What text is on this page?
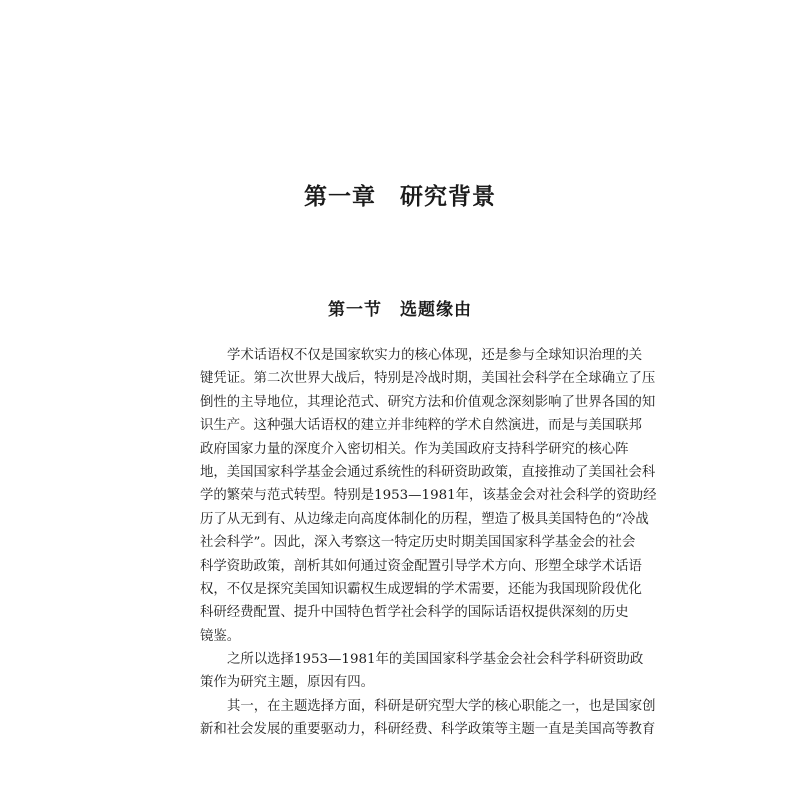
第一章　研究背景
第一节　选题缘由
学术话语权不仅是国家软实力的核心体现，还是参与全球知识治理的关
键凭证。第二次世界大战后，特别是冷战时期，美国社会科学在全球确立了压
倒性的主导地位，其理论范式、研究方法和价值观念深刻影响了世界各国的知
识生产。这种强大话语权的建立并非纯粹的学术自然演进，而是与美国联邦
政府国家力量的深度介入密切相关。作为美国政府支持科学研究的核心阵
地，美国国家科学基金会通过系统性的科研资助政策，直接推动了美国社会科
学的繁荣与范式转型。特别是1953—1981年，该基金会对社会科学的资助经
历了从无到有、从边缘走向高度体制化的历程，塑造了极具美国特色的“冷战
社会科学”。因此，深入考察这一特定历史时期美国国家科学基金会的社会
科学资助政策，剖析其如何通过资金配置引导学术方向、形塑全球学术话语
权，不仅是探究美国知识霸权生成逻辑的学术需要，还能为我国现阶段优化
科研经费配置、提升中国特色哲学社会科学的国际话语权提供深刻的历史
镜鉴。
之所以选择1953—1981年的美国国家科学基金会社会科学科研资助政
策作为研究主题，原因有四。
其一，在主题选择方面，科研是研究型大学的核心职能之一，也是国家创
新和社会发展的重要驱动力，科研经费、科学政策等主题一直是美国高等教育
